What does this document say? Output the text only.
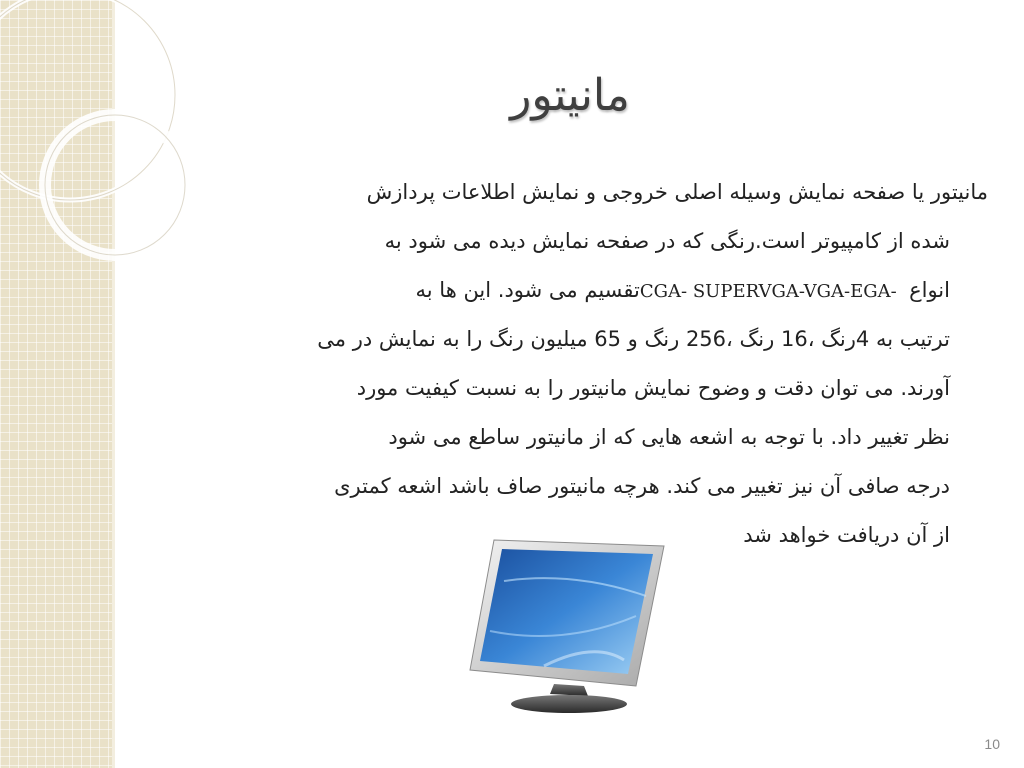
مانیتور
مانیتور یا صفحه نمایش وسیله اصلی خروجی و نمایش اطلاعات پردازش
شده از کامپیوتر است.رنگی که در صفحه نمایش دیده می شود به
انواع CGA- SUPERVGA-VGA-EGA- تقسیم می شود. این ها به
ترتیب به 4رنگ ،16 رنگ ،256 رنگ و 65 میلیون رنگ را به نمایش در می
آورند. می توان دقت و وضوح نمایش مانیتور را به نسبت کیفیت مورد
نظر تغییر داد. با توجه به اشعه هایی که از مانیتور ساطع می شود
درجه صافی آن نیز تغییر می کند. هرچه مانیتور صاف باشد اشعه کمتری
از آن دریافت خواهد شد
10
